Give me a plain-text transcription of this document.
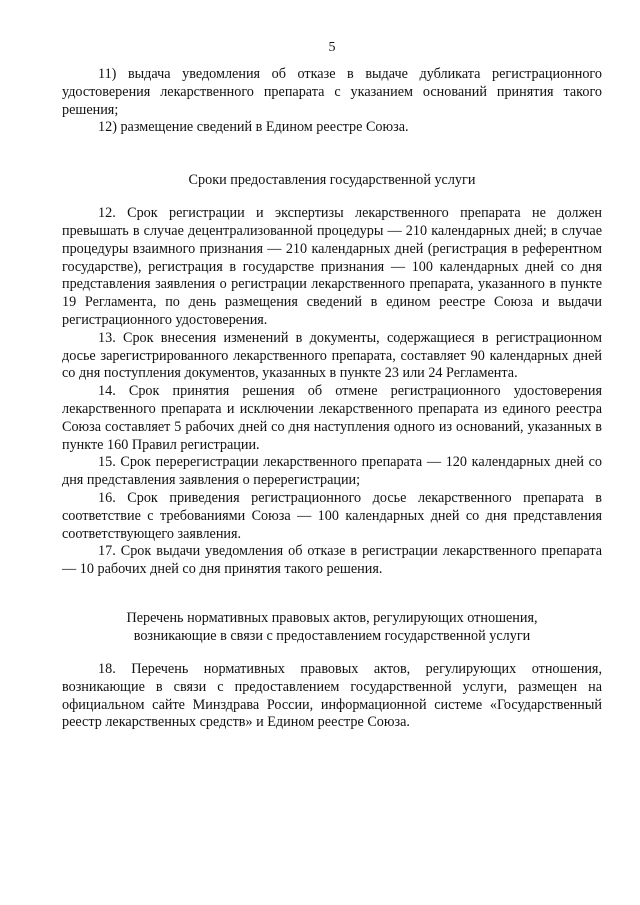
5

11) выдача уведомления об отказе в выдаче дубликата регистрационного удостоверения лекарственного препарата с указанием оснований принятия такого решения;

12) размещение сведений в Едином реестре Союза.

Сроки предоставления государственной услуги

12. Срок регистрации и экспертизы лекарственного препарата не должен превышать в случае децентрализованной процедуры — 210 календарных дней; в случае процедуры взаимного признания — 210 календарных дней (регистрация в референтном государстве), регистрация в государстве признания — 100 календарных дней со дня представления заявления о регистрации лекарственного препарата, указанного в пункте 19 Регламента, по день размещения сведений в едином реестре Союза и выдачи регистрационного удостоверения.

13. Срок внесения изменений в документы, содержащиеся в регистрационном досье зарегистрированного лекарственного препарата, составляет 90 календарных дней со дня поступления документов, указанных в пункте 23 или 24 Регламента.

14. Срок принятия решения об отмене регистрационного удостоверения лекарственного препарата и исключении лекарственного препарата из единого реестра Союза составляет 5 рабочих дней со дня наступления одного из оснований, указанных в пункте 160 Правил регистрации.

15. Срок перерегистрации лекарственного препарата — 120 календарных дней со дня представления заявления о перерегистрации;

16. Срок приведения регистрационного досье лекарственного препарата в соответствие с требованиями Союза — 100 календарных дней со дня представления соответствующего заявления.

17. Срок выдачи уведомления об отказе в регистрации лекарственного препарата — 10 рабочих дней со дня принятия такого решения.

Перечень нормативных правовых актов, регулирующих отношения,

возникающие в связи с предоставлением государственной услуги

18. Перечень нормативных правовых актов, регулирующих отношения, возникающие в связи с предоставлением государственной услуги, размещен на официальном сайте Минздрава России, информационной системе «Государственный реестр лекарственных средств» и Едином реестре Союза.
